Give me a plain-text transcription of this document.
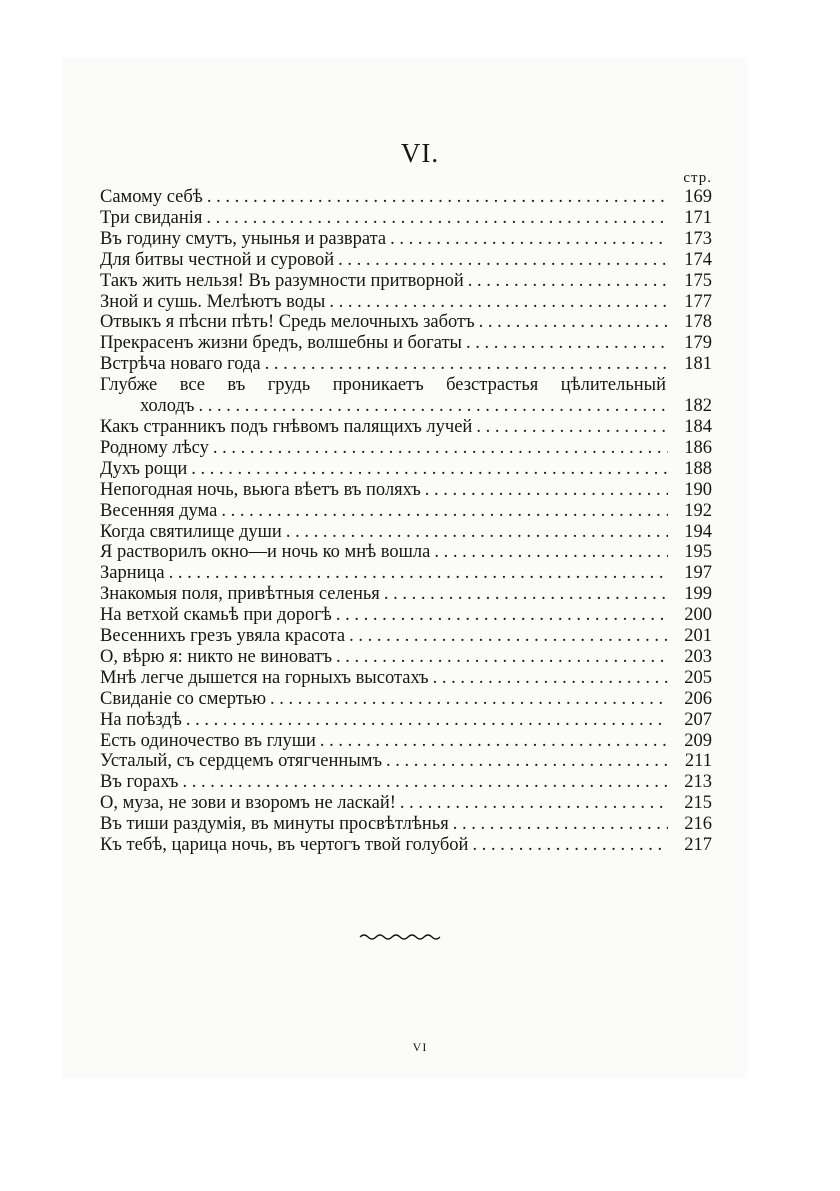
VI.
стр.
Самому себѣ . . .	169
Три свиданія . . .	171
Въ годину смутъ, унынья и разврата . . .	173
Для битвы честной и суровой . . .	174
Такъ жить нельзя! Въ разумности притворной . . .	175
Зной и сушь. Мелѣютъ воды . . .	177
Отвыкъ я пѣсни пѣть! Средь мелочныхъ заботъ . . .	178
Прекрасенъ жизни бредъ, волшебны и богаты . . .	179
Встрѣча новаго года . . .	181
Глубже все въ грудь проникаетъ безстрастья цѣлительный
холодъ . . .	182
Какъ странникъ подъ гнѣвомъ палящихъ лучей . . .	184
Родному лѣсу . . .	186
Духъ рощи . . .	188
Непогодная ночь, вьюга вѣетъ въ поляхъ . . .	190
Весенняя дума . . .	192
Когда святилище души . . .	194
Я растворилъ окно—и ночь ко мнѣ вошла . . .	195
Зарница . . .	197
Знакомыя поля, привѣтныя селенья . . .	199
На ветхой скамьѣ при дорогѣ . . .	200
Весеннихъ грезъ увяла красота . . .	201
О, вѣрю я: никто не виноватъ . . .	203
Мнѣ легче дышется на горныхъ высотахъ . . .	205
Свиданіе со смертью . . .	206
На поѣздѣ . . .	207
Есть одиночество въ глуши . . .	209
Усталый, съ сердцемъ отягченнымъ . . .	211
Въ горахъ . . .	213
О, муза, не зови и взоромъ не ласкай! . . .	215
Въ тиши раздумія, въ минуты просвѣтлѣнья . . .	216
Къ тебѣ, царица ночь, въ чертогъ твой голубой . . .	217
VI
